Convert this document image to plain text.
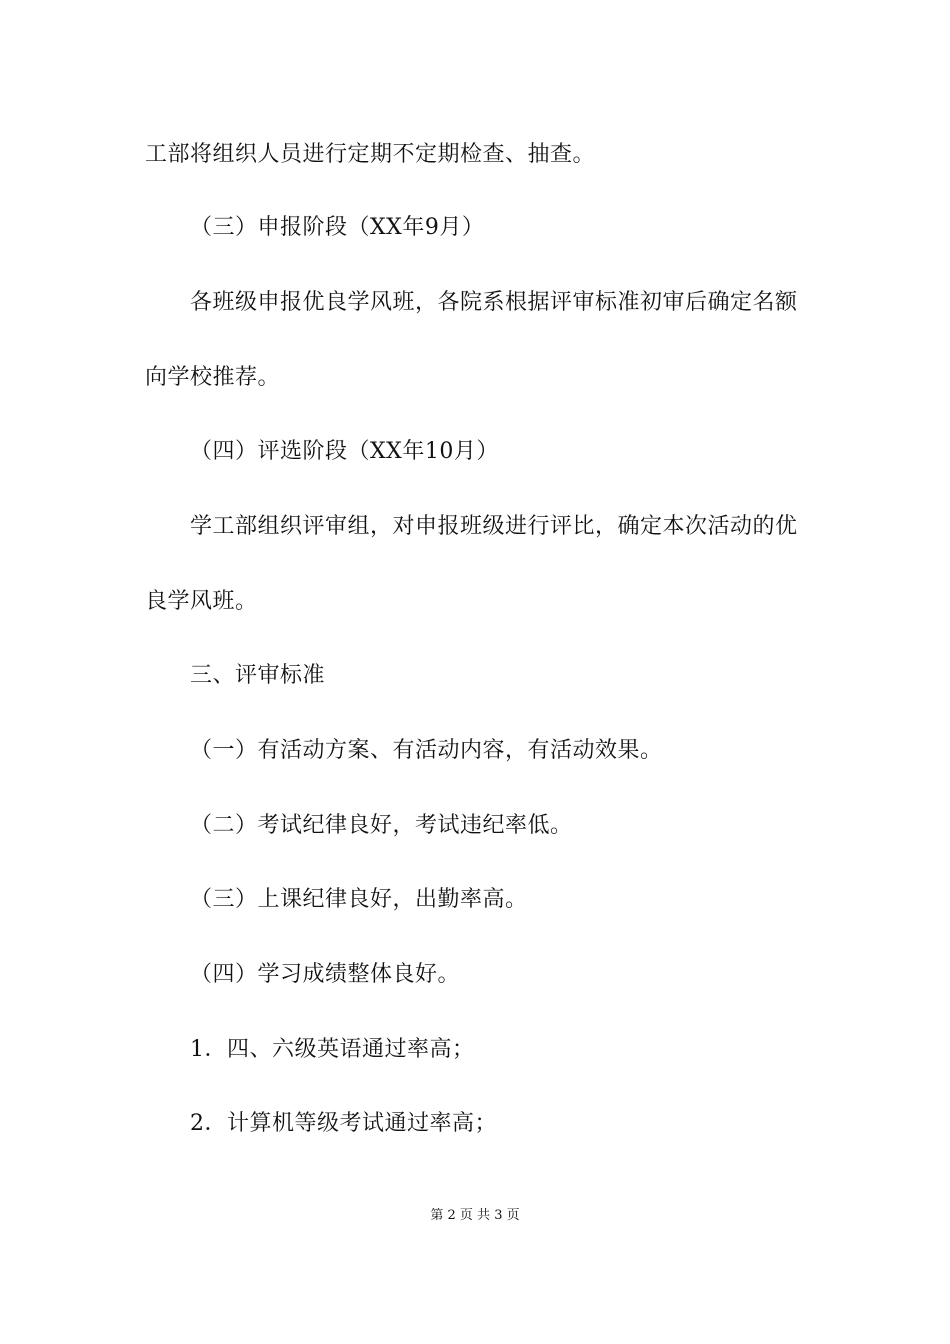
工部将组织人员进行定期不定期检查、抽查。
（三）申报阶段（XX年9月）
各班级申报优良学风班，各院系根据评审标准初审后确定名额
向学校推荐。
（四）评选阶段（XX年10月）
学工部组织评审组，对申报班级进行评比，确定本次活动的优
良学风班。
三、评审标准
（一）有活动方案、有活动内容，有活动效果。
（二）考试纪律良好，考试违纪率低。
（三）上课纪律良好，出勤率高。
（四）学习成绩整体良好。
1．四、六级英语通过率高；
2．计算机等级考试通过率高；
第 2 页 共 3 页
